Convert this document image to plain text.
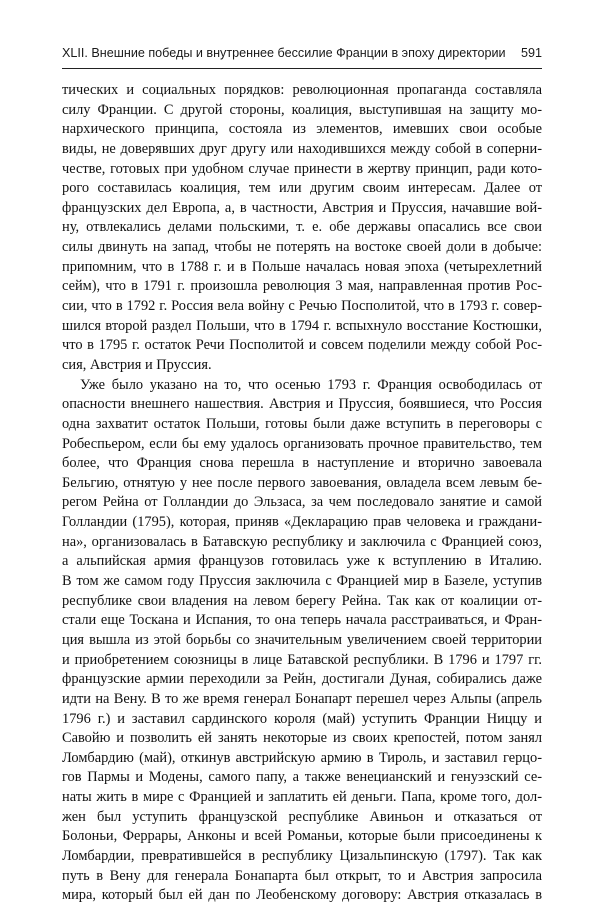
XLII. Внешние победы и внутреннее бессилие Франции в эпоху директории 591
тических и социальных порядков: революционная пропаганда составляла
силу Франции. С другой стороны, коалиция, выступившая на защиту мо-
нархического принципа, состояла из элементов, имевших свои особые
виды, не доверявших друг другу или находившихся между собой в соперни-
честве, готовых при удобном случае принести в жертву принцип, ради кото-
рого составилась коалиция, тем или другим своим интересам. Далее от
французских дел Европа, а, в частности, Австрия и Пруссия, начавшие вой-
ну, отвлекались делами польскими, т. е. обе державы опасались все свои
силы двинуть на запад, чтобы не потерять на востоке своей доли в добыче:
припомним, что в 1788 г. и в Польше началась новая эпоха (четырехлетний
сейм), что в 1791 г. произошла революция 3 мая, направленная против Рос-
сии, что в 1792 г. Россия вела войну с Речью Посполитой, что в 1793 г. совер-
шился второй раздел Польши, что в 1794 г. вспыхнуло восстание Костюшки,
что в 1795 г. остаток Речи Посполитой и совсем поделили между собой Рос-
сия, Австрия и Пруссия.
Уже было указано на то, что осенью 1793 г. Франция освободилась от
опасности внешнего нашествия. Австрия и Пруссия, боявшиеся, что Россия
одна захватит остаток Польши, готовы были даже вступить в переговоры с
Робеспьером, если бы ему удалось организовать прочное правительство, тем
более, что Франция снова перешла в наступление и вторично завоевала
Бельгию, отнятую у нее после первого завоевания, овладела всем левым бе-
регом Рейна от Голландии до Эльзаса, за чем последовало занятие и самой
Голландии (1795), которая, приняв «Декларацию прав человека и граждани-
на», организовалась в Батавскую республику и заключила с Францией союз,
а альпийская армия французов готовилась уже к вступлению в Италию.
В том же самом году Пруссия заключила с Францией мир в Базеле, уступив
республике свои владения на левом берегу Рейна. Так как от коалиции от-
стали еще Тоскана и Испания, то она теперь начала расстраиваться, и Фран-
ция вышла из этой борьбы со значительным увеличением своей территории
и приобретением союзницы в лице Батавской республики. В 1796 и 1797 гг.
французские армии переходили за Рейн, достигали Дуная, собирались даже
идти на Вену. В то же время генерал Бонапарт перешел через Альпы (апрель
1796 г.) и заставил сардинского короля (май) уступить Франции Ниццу и
Савойю и позволить ей занять некоторые из своих крепостей, потом занял
Ломбардию (май), откинув австрийскую армию в Тироль, и заставил герцо-
гов Пармы и Модены, самого папу, а также венецианский и генуэзский се-
наты жить в мире с Францией и заплатить ей деньги. Папа, кроме того, дол-
жен был уступить французской республике Авиньон и отказаться от
Болоньи, Феррары, Анконы и всей Романьи, которые были присоединены к
Ломбардии, превратившейся в республику Цизальпинскую (1797). Так как
путь в Вену для генерала Бонапарта был открыт, то и Австрия запросила
мира, который был ей дан по Леобенскому договору: Австрия отказалась в
